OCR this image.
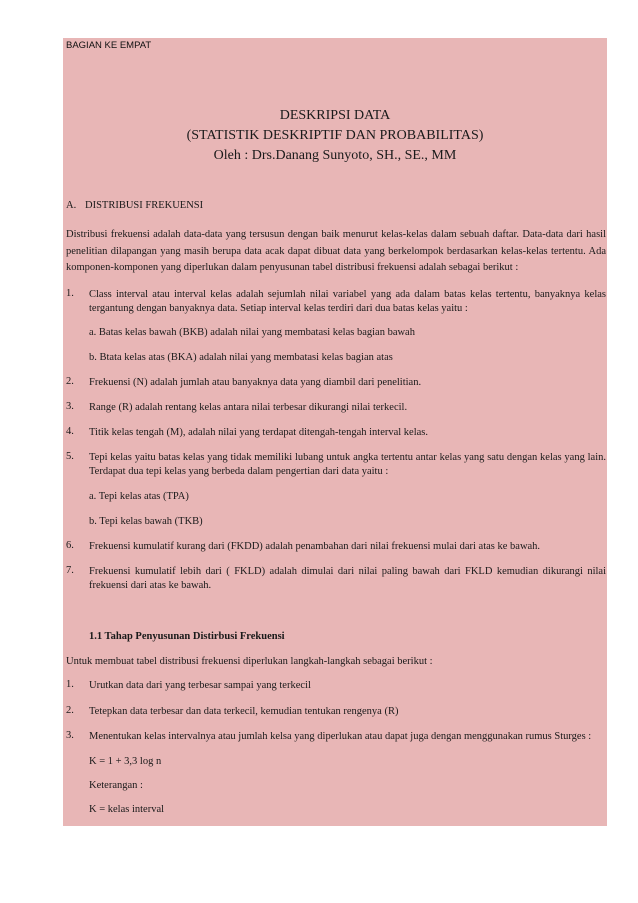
BAGIAN KE EMPAT
DESKRIPSI DATA
(STATISTIK DESKRIPTIF DAN PROBABILITAS)
Oleh : Drs.Danang Sunyoto, SH., SE., MM
A. DISTRIBUSI FREKUENSI
Distribusi frekuensi adalah data-data yang tersusun dengan baik menurut kelas-kelas dalam sebuah daftar. Data-data dari hasil penelitian dilapangan yang masih berupa data acak dapat dibuat data yang berkelompok berdasarkan kelas-kelas tertentu. Ada komponen-komponen yang diperlukan dalam penyusunan tabel distribusi frekuensi adalah sebagai berikut :
1. Class interval atau interval kelas adalah sejumlah nilai variabel yang ada dalam batas kelas tertentu, banyaknya kelas tergantung dengan banyaknya data. Setiap interval kelas terdiri dari dua batas kelas yaitu :
a. Batas kelas bawah (BKB) adalah nilai yang membatasi kelas bagian bawah
b. Btata kelas atas (BKA) adalah nilai yang membatasi kelas bagian atas
2. Frekuensi (N) adalah jumlah atau banyaknya data yang diambil dari penelitian.
3. Range (R) adalah rentang kelas antara nilai terbesar dikurangi nilai terkecil.
4. Titik kelas tengah (M), adalah nilai yang terdapat ditengah-tengah interval kelas.
5. Tepi kelas yaitu batas kelas yang tidak memiliki lubang untuk angka tertentu antar kelas yang satu dengan kelas yang lain. Terdapat dua tepi kelas yang berbeda dalam pengertian dari data yaitu :
a. Tepi kelas atas (TPA)
b. Tepi kelas bawah (TKB)
6. Frekuensi kumulatif kurang dari (FKDD) adalah penambahan dari nilai frekuensi mulai dari atas ke bawah.
7. Frekuensi kumulatif lebih dari ( FKLD) adalah dimulai dari nilai paling bawah dari FKLD kemudian dikurangi nilai frekuensi dari atas ke bawah.
1.1 Tahap Penyusunan Distirbusi Frekuensi
Untuk membuat tabel distribusi frekuensi diperlukan langkah-langkah sebagai berikut :
1. Urutkan data dari yang terbesar sampai yang terkecil
2. Tetepkan data terbesar dan data terkecil, kemudian tentukan rengenya (R)
3. Menentukan kelas intervalnya atau jumlah kelsa yang diperlukan atau dapat juga dengan menggunakan rumus Sturges :
K = 1 + 3,3 log n
Keterangan :
K = kelas interval
